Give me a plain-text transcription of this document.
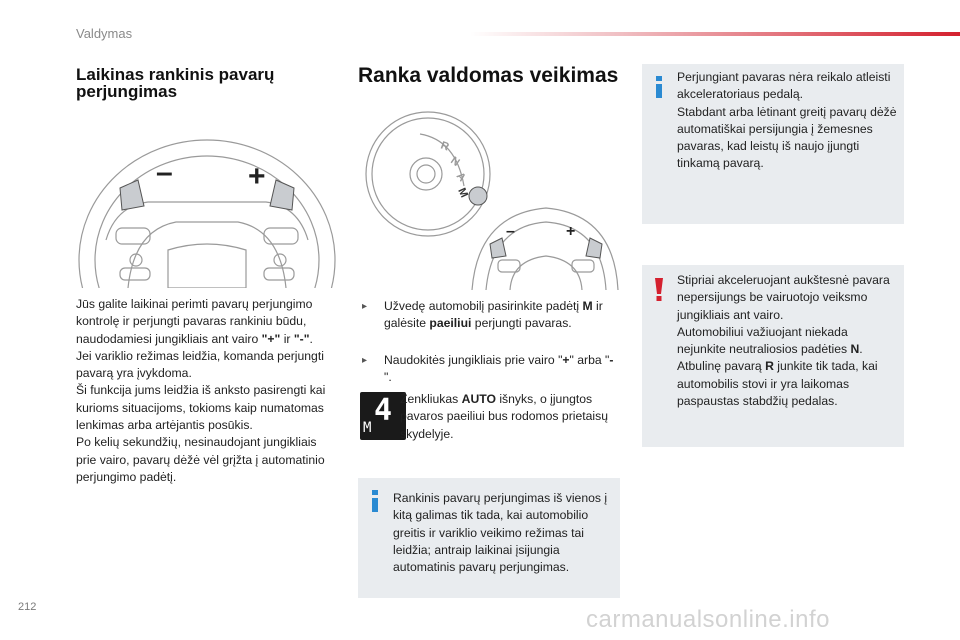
Valdymas
Laikinas rankinis pavarų perjungimas
–	+

Jūs galite laikinai perimti pavarų perjungimo kontrolę ir perjungti pavaras rankiniu būdu, naudodamiesi jungikliais ant vairo "+" ir "-".

Jei variklio režimas leidžia, komanda perjungti pavarą yra įvykdoma.

Ši funkcija jums leidžia iš anksto pasirengti kai kurioms situacijoms, tokioms kaip numatomas lenkimas arba artėjantis posūkis.

Po kelių sekundžių, nesinaudojant jungikliais prie vairo, pavarų dėžė vėl grįžta į automatinio perjungimo padėtį.

Ranka valdomas veikimas
R
N
A
M
–	+
▸ Užvedę automobilį pasirinkite padėtį M ir galėsite paeiliui perjungti pavaras.
▸ Naudokitės jungikliais prie vairo "+" arba "-".
4
M

Ženkliukas AUTO išnyks, o įjungtos pavaros paeiliui bus rodomos prietaisų skydelyje.

Rankinis pavarų perjungimas iš vienos į kitą galimas tik tada, kai automobilio greitis ir variklio veikimo režimas tai leidžia; antraip laikinai įsijungia automatinis pavarų perjungimas.

Perjungiant pavaras nėra reikalo atleisti akceleratoriaus pedalą.

Stabdant arba lėtinant greitį pavarų dėžė automatiškai persijungia į žemesnes pavaras, kad leistų iš naujo įjungti tinkamą pavarą.

Stipriai akceleruojant aukštesnė pavara nepersijungs be vairuotojo veiksmo jungikliais ant vairo.

Automobiliui važiuojant niekada nejunkite neutraliosios padėties N.

Atbulinę pavarą R junkite tik tada, kai automobilis stovi ir yra laikomas paspaustas stabdžių pedalas.

212	carmanualsonline.info
